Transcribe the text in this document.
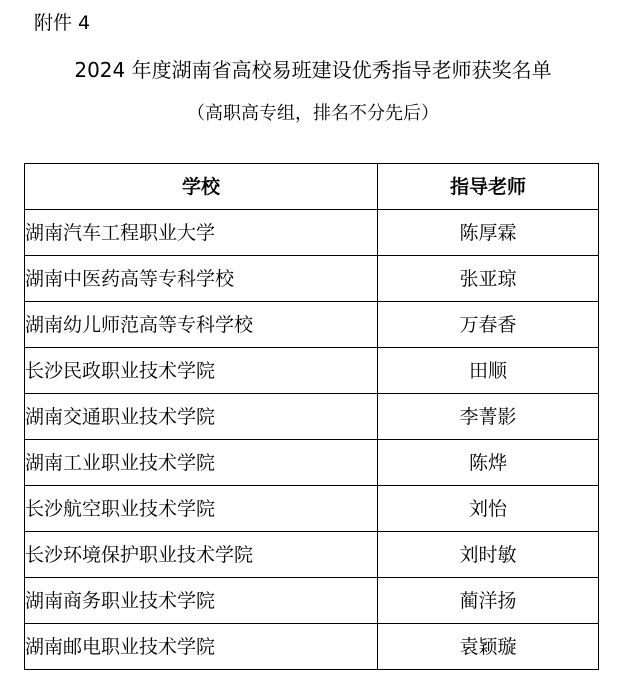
附件 4
2024 年度湖南省高校易班建设优秀指导老师获奖名单
（高职高专组，排名不分先后）
学校	指导老师
湖南汽车工程职业大学	陈厚霖
湖南中医药高等专科学校	张亚琼
湖南幼儿师范高等专科学校	万春香
长沙民政职业技术学院	田顺
湖南交通职业技术学院	李菁影
湖南工业职业技术学院	陈烨
长沙航空职业技术学院	刘怡
长沙环境保护职业技术学院	刘时敏
湖南商务职业技术学院	蔺洋扬
湖南邮电职业技术学院	袁颖璇
